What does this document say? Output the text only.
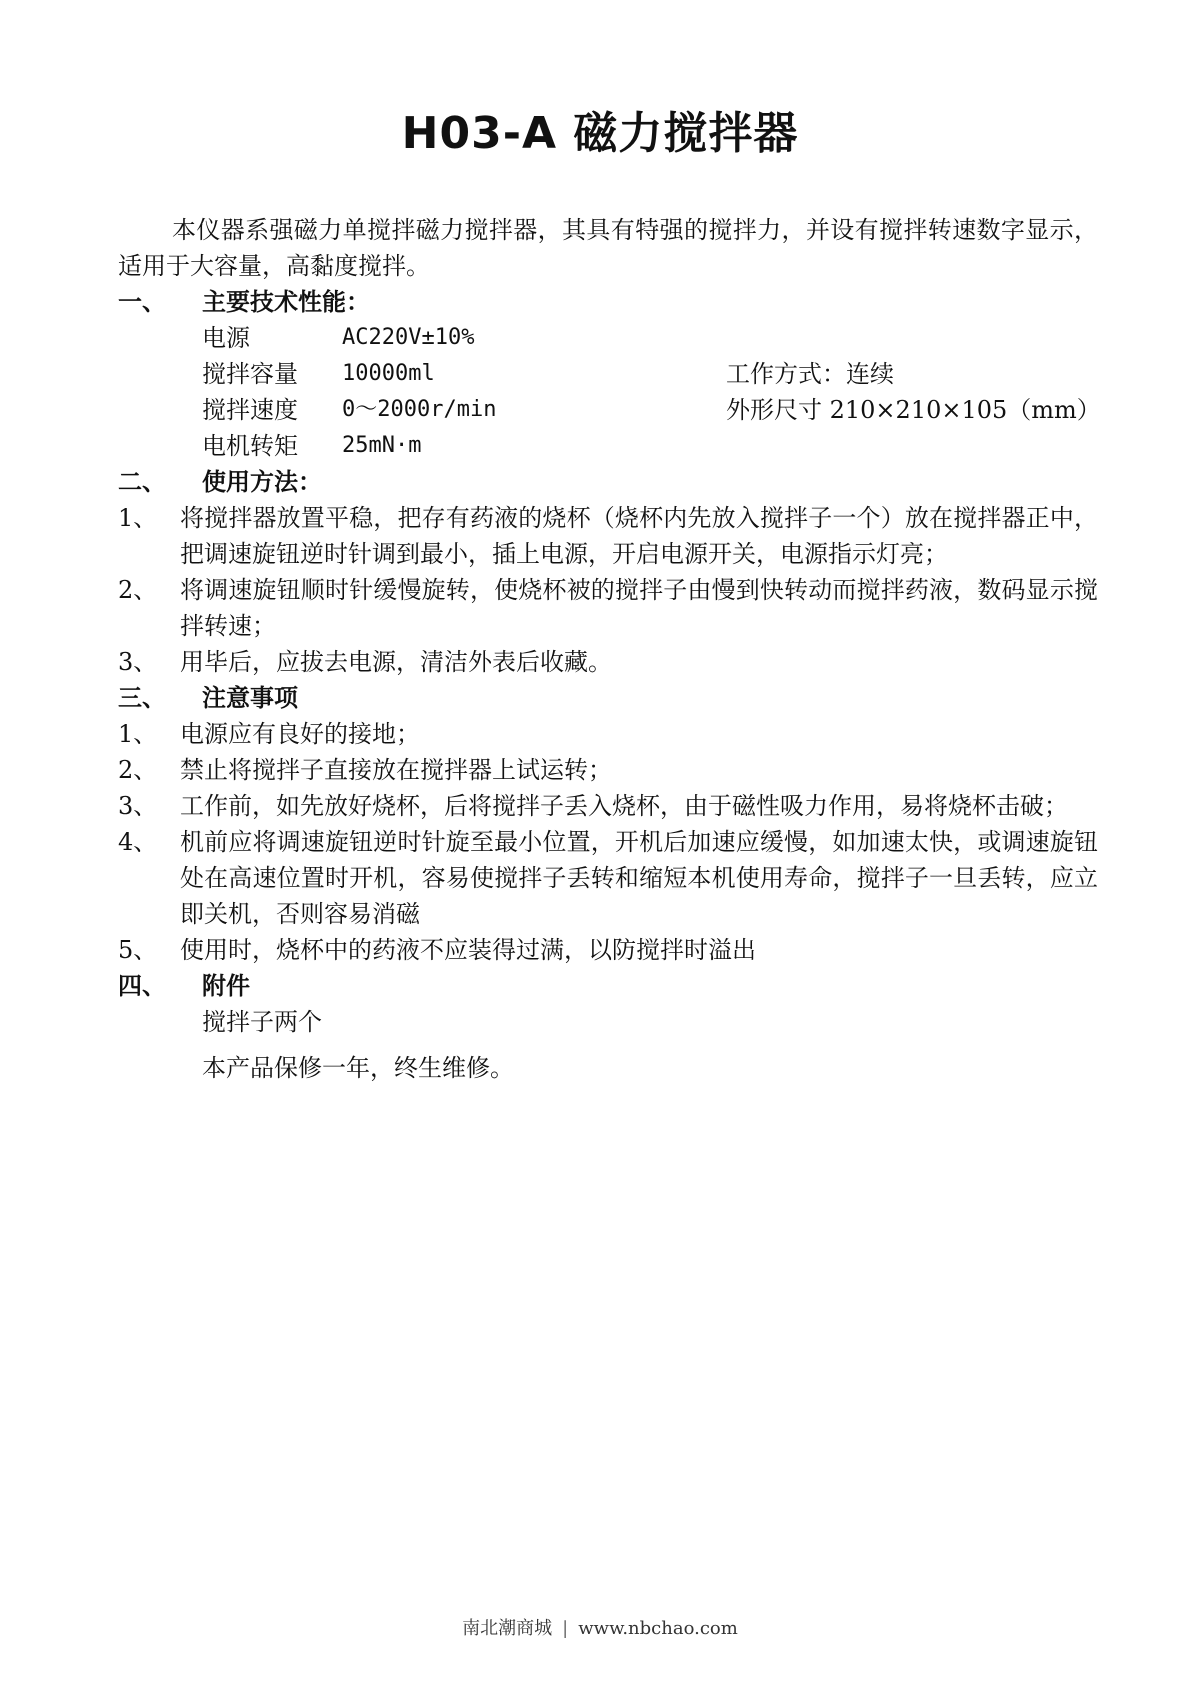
H03-A 磁力搅拌器

本仪器系强磁力单搅拌磁力搅拌器，其具有特强的搅拌力，并设有搅拌转速数字显示，适用于大容量，高黏度搅拌。

一、	主要技术性能：
电源	AC220V±10%
搅拌容量	10000ml	工作方式：连续
搅拌速度	0～2000r/min	外形尺寸 210×210×105（mm）
电机转矩	25mN·m
二、	使用方法：
1、 将搅拌器放置平稳，把存有药液的烧杯（烧杯内先放入搅拌子一个）放在搅拌器正中，把调速旋钮逆时针调到最小，插上电源，开启电源开关，电源指示灯亮；
2、 将调速旋钮顺时针缓慢旋转，使烧杯被的搅拌子由慢到快转动而搅拌药液，数码显示搅拌转速；
3、 用毕后，应拔去电源，清洁外表后收藏。
三、	注意事项
1、 电源应有良好的接地；
2、 禁止将搅拌子直接放在搅拌器上试运转；
3、 工作前，如先放好烧杯，后将搅拌子丢入烧杯，由于磁性吸力作用，易将烧杯击破；
4、 机前应将调速旋钮逆时针旋至最小位置，开机后加速应缓慢，如加速太快，或调速旋钮处在高速位置时开机，容易使搅拌子丢转和缩短本机使用寿命，搅拌子一旦丢转，应立即关机，否则容易消磁
5、 使用时，烧杯中的药液不应装得过满，以防搅拌时溢出
四、	附件
搅拌子两个
本产品保修一年，终生维修。
南北潮商城 | www.nbchao.com
